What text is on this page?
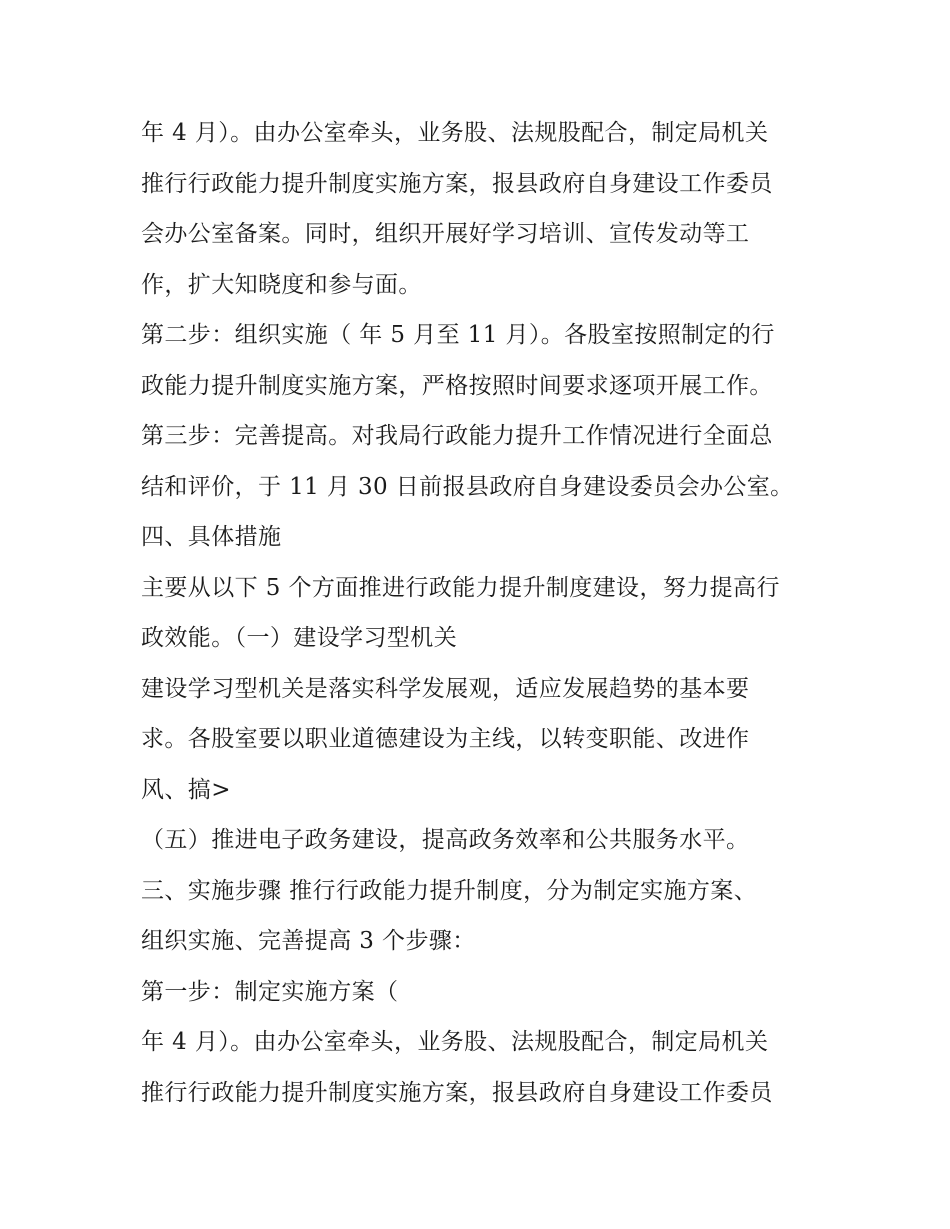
年 4 月）。由办公室牵头，业务股、法规股配合，制定局机关
推行行政能力提升制度实施方案，报县政府自身建设工作委员
会办公室备案。同时，组织开展好学习培训、宣传发动等工
作，扩大知晓度和参与面。
第二步：组织实施（ 年 5 月至 11 月）。各股室按照制定的行
政能力提升制度实施方案，严格按照时间要求逐项开展工作。
第三步：完善提高。对我局行政能力提升工作情况进行全面总
结和评价，于 11 月 30 日前报县政府自身建设委员会办公室。
四、具体措施
主要从以下 5 个方面推进行政能力提升制度建设，努力提高行
政效能。（一）建设学习型机关
建设学习型机关是落实科学发展观，适应发展趋势的基本要
求。各股室要以职业道德建设为主线，以转变职能、改进作
风、搞>
（五）推进电子政务建设，提高政务效率和公共服务水平。
三、实施步骤 推行行政能力提升制度，分为制定实施方案、
组织实施、完善提高 3 个步骤：
第一步：制定实施方案（
年 4 月）。由办公室牵头，业务股、法规股配合，制定局机关
推行行政能力提升制度实施方案，报县政府自身建设工作委员
